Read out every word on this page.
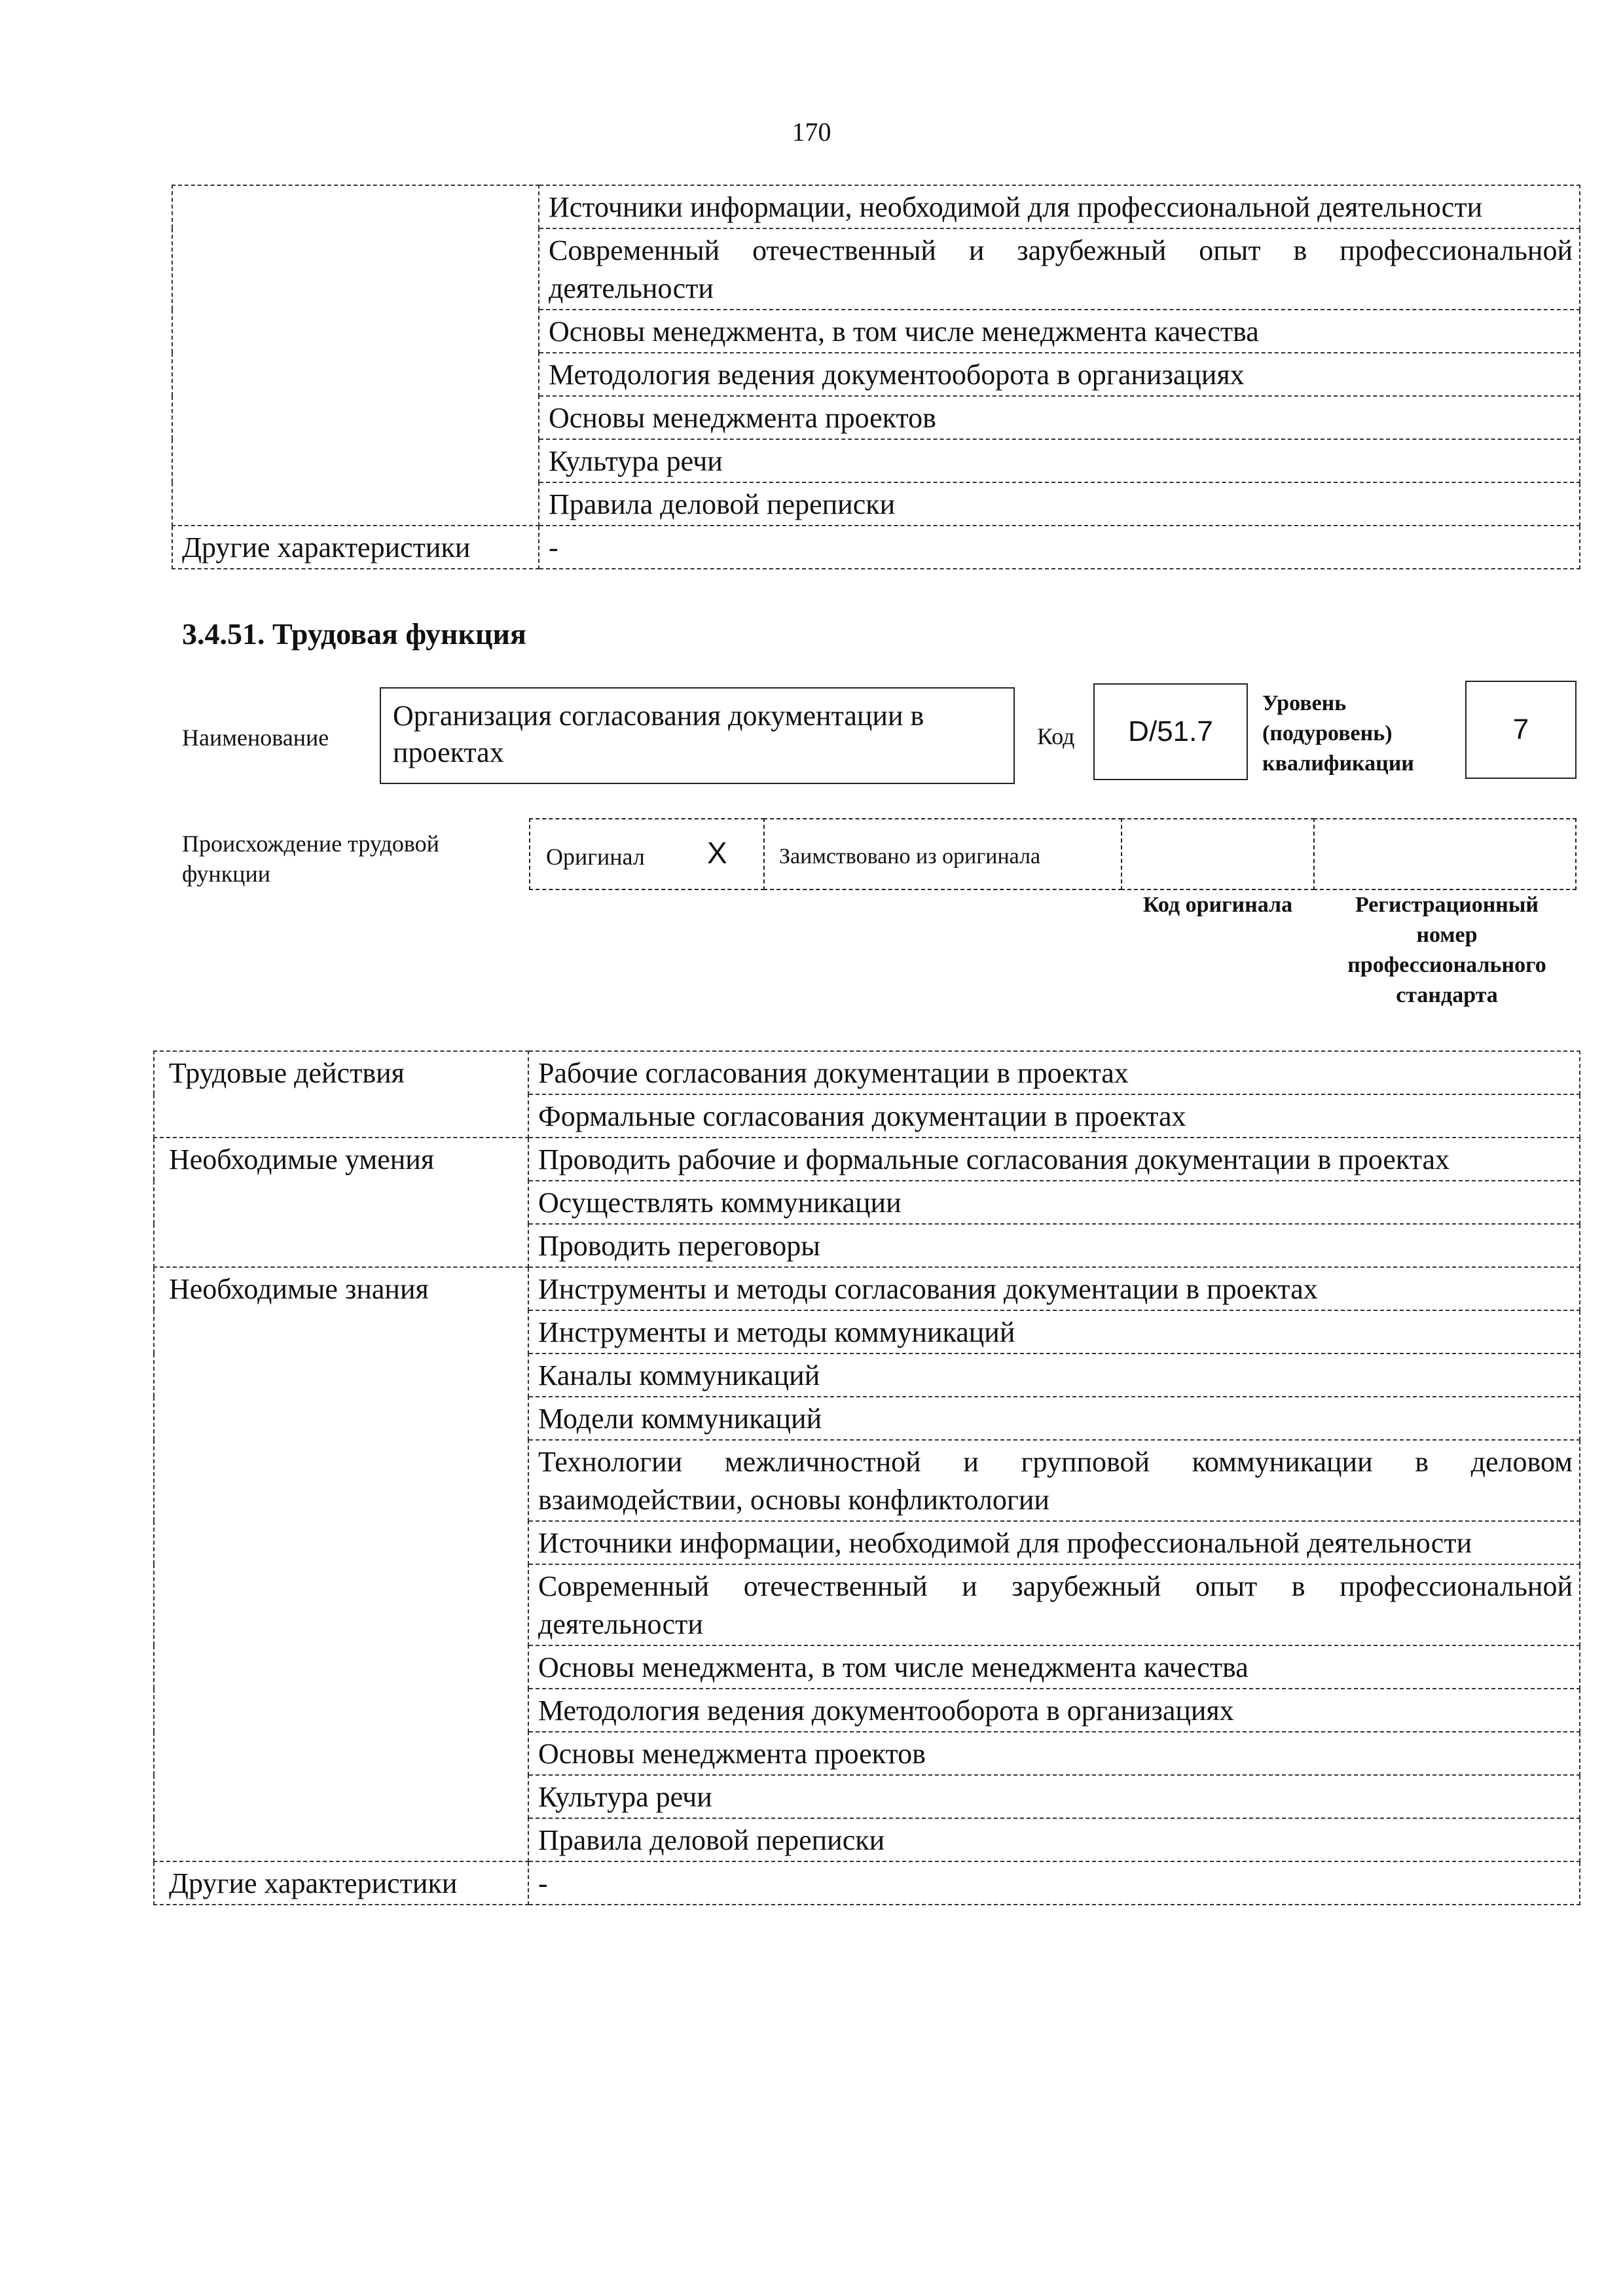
170
	Источники информации, необходимой для профессиональной деятельности
	Современный отечественный и зарубежный опыт в профессиональной деятельности
	Основы менеджмента, в том числе менеджмента качества
	Методология ведения документооборота в организациях
	Основы менеджмента проектов
	Культура речи
	Правила деловой переписки
Другие характеристики	-
3.4.51. Трудовая функция
Наименование
Организация согласования документации в проектах	Код D/51.7
Уровень (подуровень) квалификации
7
Происхождение трудовой функции
Оригинал X Заимствовано из оригинала
Код оригинала	Регистрационный номер профессионального стандарта
Трудовые действия	Рабочие согласования документации в проектах
	Формальные согласования документации в проектах
Необходимые умения	Проводить рабочие и формальные согласования документации в проектах
	Осуществлять коммуникации
	Проводить переговоры
Необходимые знания	Инструменты и методы согласования документации в проектах
	Инструменты и методы коммуникаций
	Каналы коммуникаций
	Модели коммуникаций
	Технологии межличностной и групповой коммуникации в деловом взаимодействии, основы конфликтологии
	Источники информации, необходимой для профессиональной деятельности
	Современный отечественный и зарубежный опыт в профессиональной деятельности
	Основы менеджмента, в том числе менеджмента качества
	Методология ведения документооборота в организациях
	Основы менеджмента проектов
	Культура речи
	Правила деловой переписки
Другие характеристики	-
